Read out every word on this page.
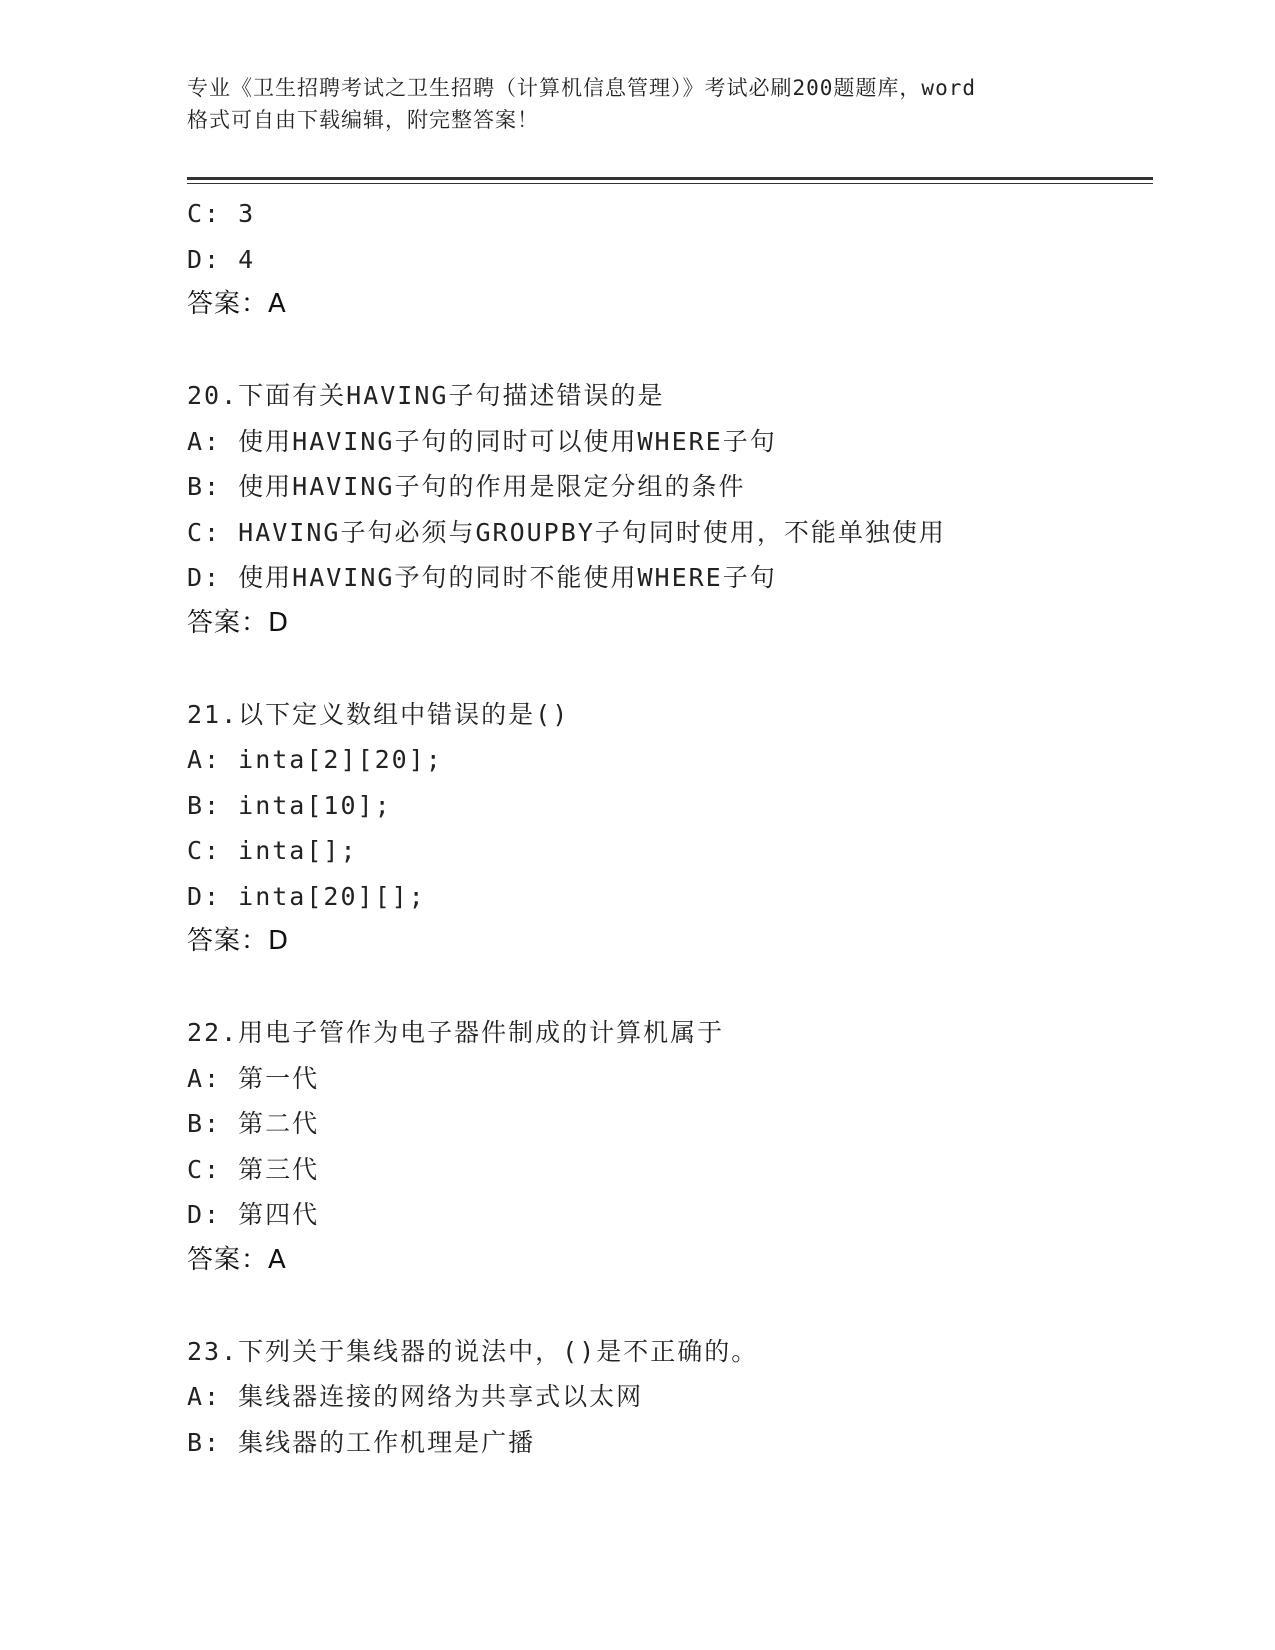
专业《卫生招聘考试之卫生招聘（计算机信息管理）》考试必刷200题题库，word
格式可自由下载编辑，附完整答案！
C: 3
D: 4
答案：A
20.下面有关HAVING子句描述错误的是
A: 使用HAVING子句的同时可以使用WHERE子句
B: 使用HAVING子句的作用是限定分组的条件
C: HAVING子句必须与GROUPBY子句同时使用，不能单独使用
D: 使用HAVING予句的同时不能使用WHERE子句
答案：D
21.以下定义数组中错误的是()
A: inta[2][20];
B: inta[10];
C: inta[];
D: inta[20][];
答案：D
22.用电子管作为电子器件制成的计算机属于
A: 第一代
B: 第二代
C: 第三代
D: 第四代
答案：A
23.下列关于集线器的说法中，()是不正确的。
A: 集线器连接的网络为共享式以太网
B: 集线器的工作机理是广播
